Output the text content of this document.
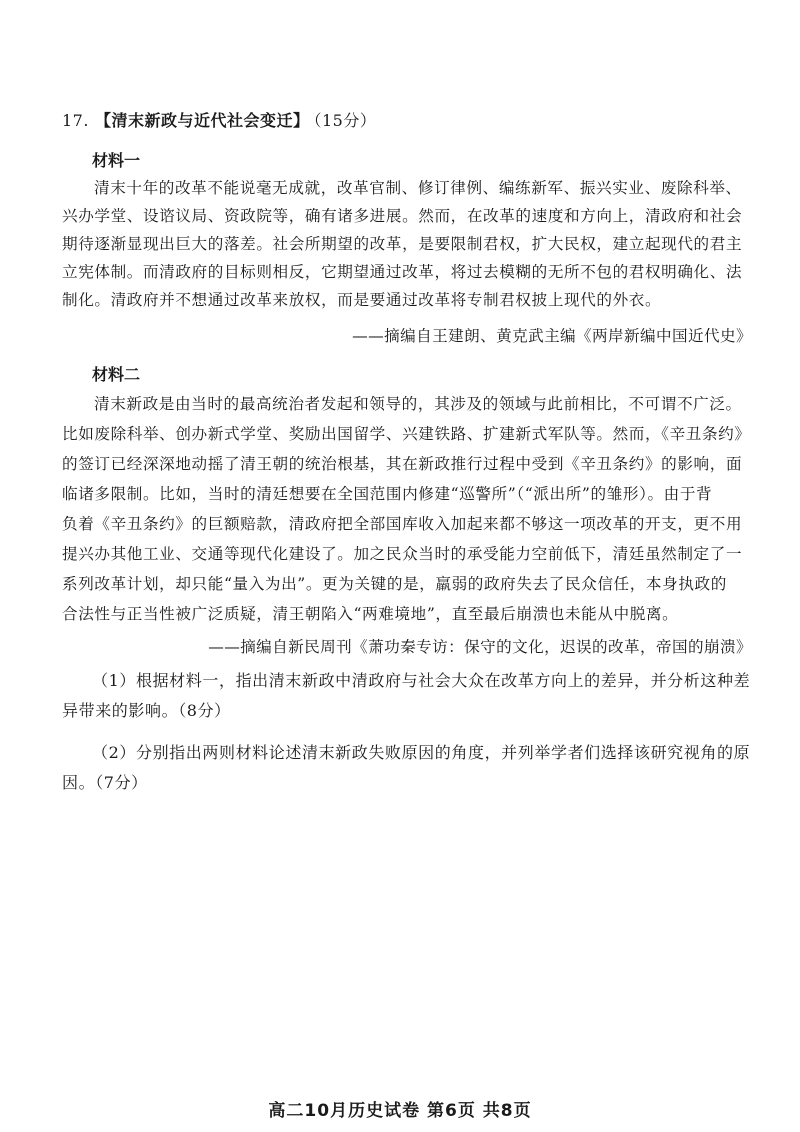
17. 【清末新政与近代社会变迁】 （15分）
材料一
清末十年的改革不能说毫无成就，改革官制、修订律例、编练新军、振兴实业、废除科举、
兴办学堂、设谘议局、资政院等，确有诸多进展。然而，在改革的速度和方向上，清政府和社会
期待逐渐显现出巨大的落差。社会所期望的改革，是要限制君权，扩大民权，建立起现代的君主
立宪体制。而清政府的目标则相反，它期望通过改革，将过去模糊的无所不包的君权明确化、法
制化。清政府并不想通过改革来放权，而是要通过改革将专制君权披上现代的外衣。
——摘编自王建朗、黄克武主编《两岸新编中国近代史》
材料二
清末新政是由当时的最高统治者发起和领导的，其涉及的领域与此前相比，不可谓不广泛。
比如废除科举、创办新式学堂、奖励出国留学、兴建铁路、扩建新式军队等。然而，《辛丑条约》
的签订已经深深地动摇了清王朝的统治根基，其在新政推行过程中受到《辛丑条约》的影响，面
临诸多限制。比如，当时的清廷想要在全国范围内修建“巡警所”（“派出所”的雏形）。由于背
负着《辛丑条约》的巨额赔款，清政府把全部国库收入加起来都不够这一项改革的开支，更不用
提兴办其他工业、交通等现代化建设了。加之民众当时的承受能力空前低下，清廷虽然制定了一
系列改革计划，却只能“量入为出”。更为关键的是，羸弱的政府失去了民众信任，本身执政的
合法性与正当性被广泛质疑，清王朝陷入“两难境地”，直至最后崩溃也未能从中脱离。
——摘编自新民周刊《萧功秦专访：保守的文化，迟误的改革，帝国的崩溃》
（1）根据材料一，指出清末新政中清政府与社会大众在改革方向上的差异，并分析这种差
异带来的影响。（8分）
（2）分别指出两则材料论述清末新政失败原因的角度，并列举学者们选择该研究视角的原
因。（7分）
高二10月历史试卷 第6页 共8页
